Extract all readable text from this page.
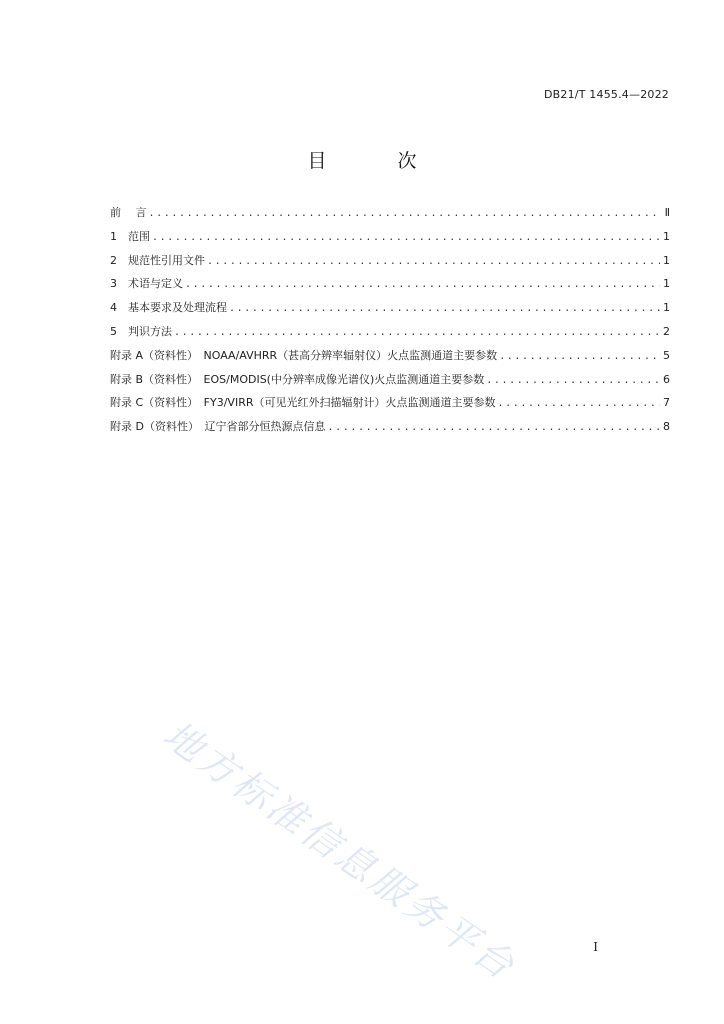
DB21/T 1455.4—2022
目　次
前　 言 .....	Ⅱ
1　范围 .....	1
2　规范性引用文件 .....	1
3　术语与定义 .....	1
4　基本要求及处理流程 .....	1
5　判识方法 .....	2
附录 A（资料性）　NOAA/AVHRR（甚高分辨率辐射仪）火点监测通道主要参数 .....	5
附录 B（资料性）　EOS/MODIS(中分辨率成像光谱仪)火点监测通道主要参数 .....	6
附录 C（资料性）　FY3/VIRR（可见光红外扫描辐射计）火点监测通道主要参数 .....	7
附录 D（资料性）　辽宁省部分恒热源点信息 .....	8
地方标准信息服务平台	I
